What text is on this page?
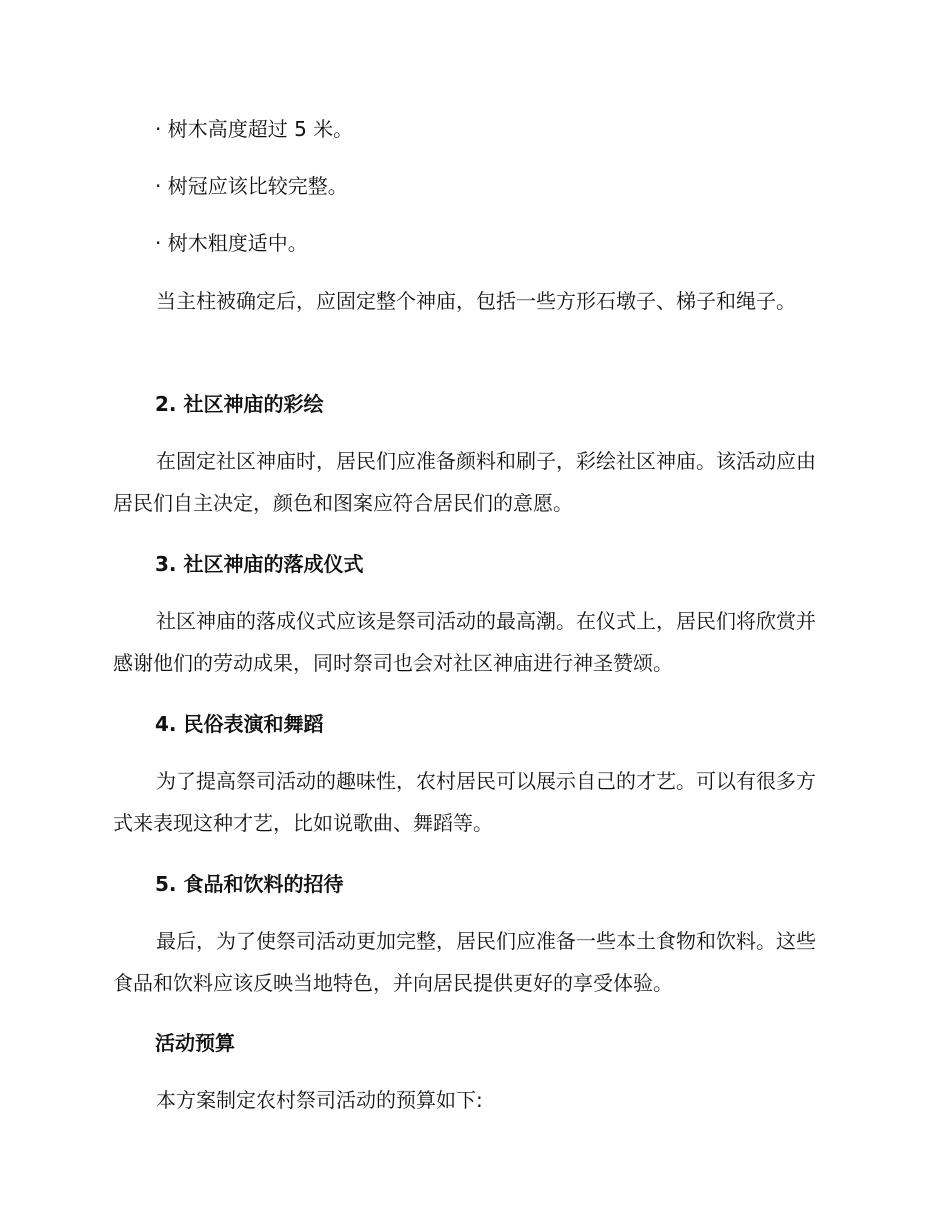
· 树木高度超过 5 米。

· 树冠应该比较完整。

· 树木粗度适中。

当主柱被确定后，应固定整个神庙，包括一些方形石墩子、梯子和绳子。

2. 社区神庙的彩绘

在固定社区神庙时，居民们应准备颜料和刷子，彩绘社区神庙。该活动应由居民们自主决定，颜色和图案应符合居民们的意愿。

3. 社区神庙的落成仪式

社区神庙的落成仪式应该是祭司活动的最高潮。在仪式上，居民们将欣赏并感谢他们的劳动成果，同时祭司也会对社区神庙进行神圣赞颂。

4. 民俗表演和舞蹈

为了提高祭司活动的趣味性，农村居民可以展示自己的才艺。可以有很多方式来表现这种才艺，比如说歌曲、舞蹈等。

5. 食品和饮料的招待

最后，为了使祭司活动更加完整，居民们应准备一些本土食物和饮料。这些食品和饮料应该反映当地特色，并向居民提供更好的享受体验。

活动预算

本方案制定农村祭司活动的预算如下:
